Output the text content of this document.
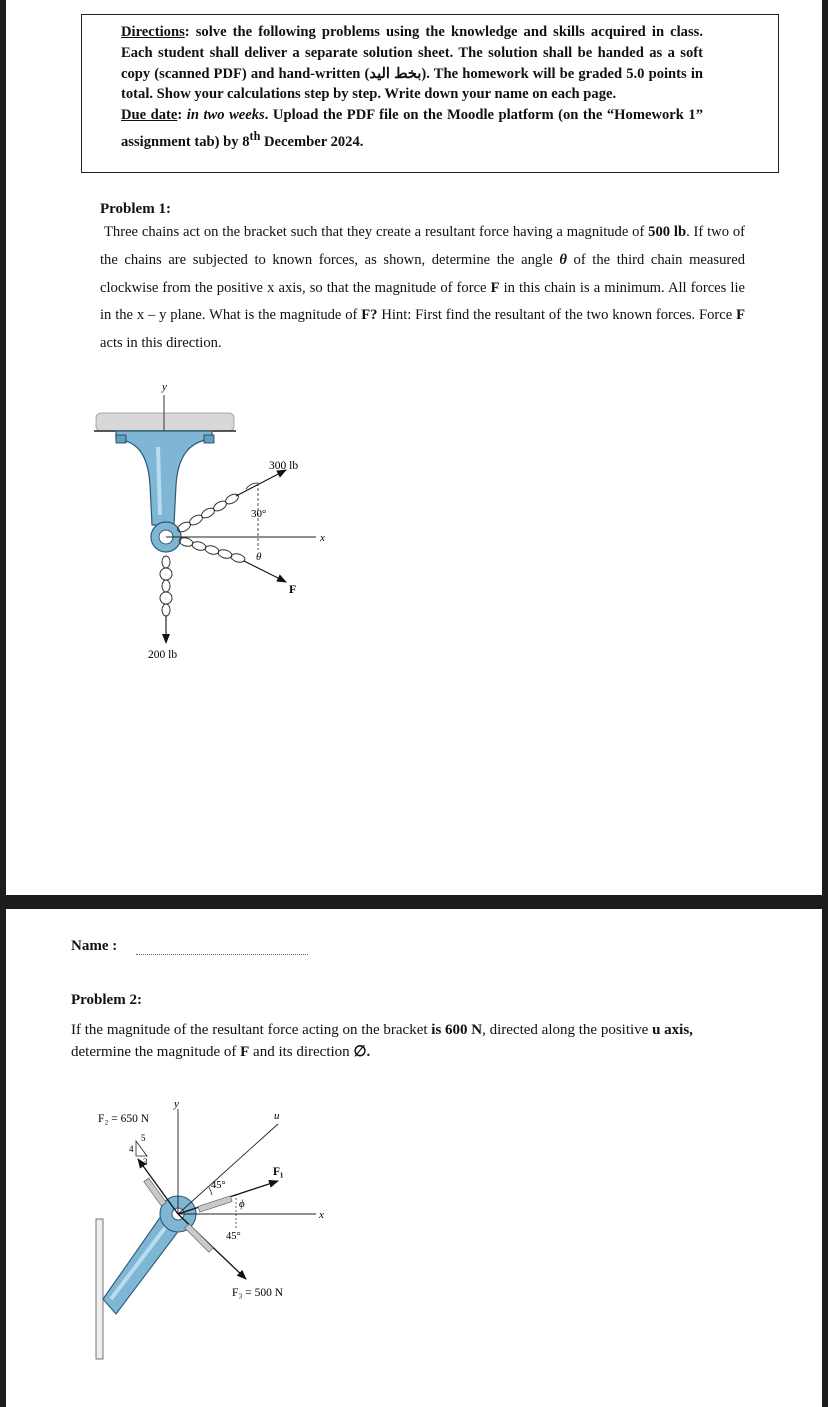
Directions: solve the following problems using the knowledge and skills acquired in class. Each student shall deliver a separate solution sheet. The solution shall be handed as a soft copy (scanned PDF) and hand-written (بخط اليد). The homework will be graded 5.0 points in total. Show your calculations step by step. Write down your name on each page.
Due date: in two weeks. Upload the PDF file on the Moodle platform (on the “Homework 1” assignment tab) by 8th December 2024.
Problem 1:
Three chains act on the bracket such that they create a resultant force having a magnitude of 500 lb. If two of the chains are subjected to known forces, as shown, determine the angle θ of the third chain measured clockwise from the positive x axis, so that the magnitude of force F in this chain is a minimum. All forces lie in the x – y plane. What is the magnitude of F? Hint: First find the resultant of the two known forces. Force F acts in this direction.
y
300 lb
30°
x
θ
F
200 lb
Name :
Problem 2:
If the magnitude of the resultant force acting on the bracket is 600 N, directed along the positive u axis, determine the magnitude of F and its direction ∅.
y
x
u
F₂ = 650 N
5
4
3
F₁
45°
ϕ
45°
F₃ = 500 N
